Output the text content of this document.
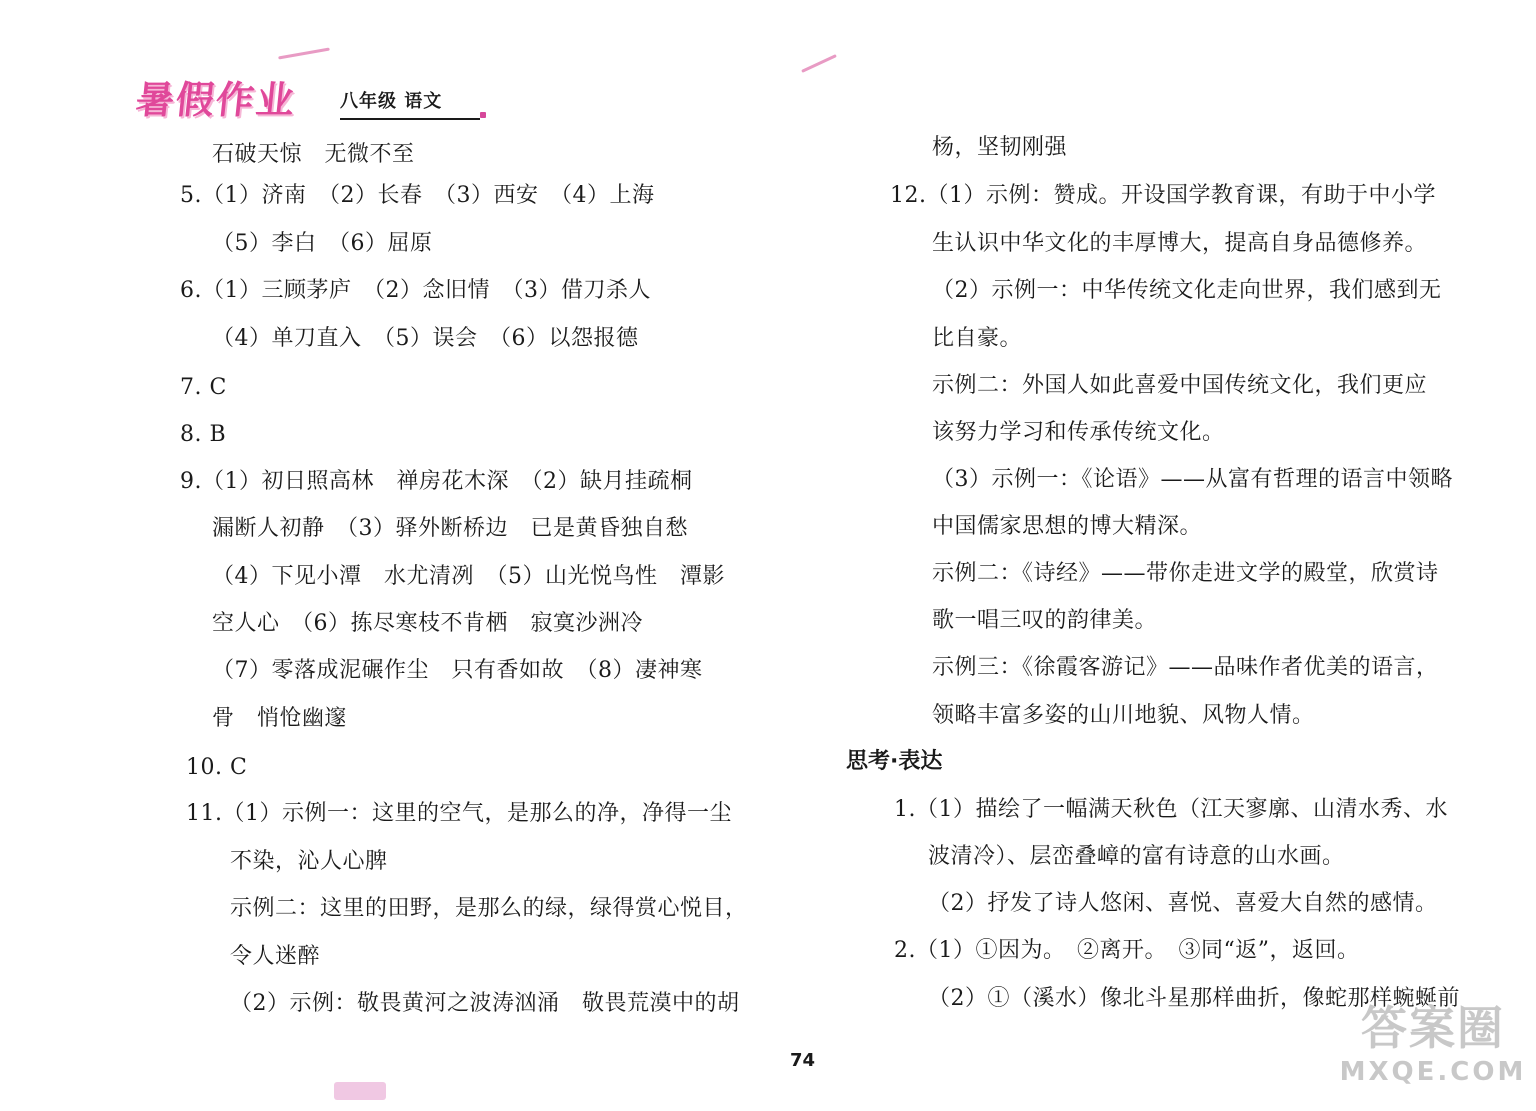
暑假作业 八年级 语文
石破天惊　无微不至
5.（1）济南　（2）长春　（3）西安　（4）上海
（5）李白　（6）屈原
6.（1）三顾茅庐　（2）念旧情　（3）借刀杀人
（4）单刀直入　（5）误会　（6）以怨报德
7. C
8. B
9.（1）初日照高林　禅房花木深　（2）缺月挂疏桐
漏断人初静　（3）驿外断桥边　已是黄昏独自愁
（4）下见小潭　水尤清冽　（5）山光悦鸟性　潭影
空人心　（6）拣尽寒枝不肯栖　寂寞沙洲冷
（7）零落成泥碾作尘　只有香如故　（8）凄神寒
骨　悄怆幽邃
10. C
11.（1）示例一：这里的空气，是那么的净，净得一尘
不染，沁人心脾
示例二：这里的田野，是那么的绿，绿得赏心悦目，
令人迷醉
（2）示例：敬畏黄河之波涛汹涌　敬畏荒漠中的胡
杨，坚韧刚强
12.（1）示例：赞成。开设国学教育课，有助于中小学
生认识中华文化的丰厚博大，提高自身品德修养。
（2）示例一：中华传统文化走向世界，我们感到无
比自豪。
示例二：外国人如此喜爱中国传统文化，我们更应
该努力学习和传承传统文化。
（3）示例一：《论语》——从富有哲理的语言中领略
中国儒家思想的博大精深。
示例二：《诗经》——带你走进文学的殿堂，欣赏诗
歌一唱三叹的韵律美。
示例三：《徐霞客游记》——品味作者优美的语言，
领略丰富多姿的山川地貌、风物人情。
思考·表达
1.（1）描绘了一幅满天秋色（江天寥廓、山清水秀、水
波清冷）、层峦叠嶂的富有诗意的山水画。
（2）抒发了诗人悠闲、喜悦、喜爱大自然的感情。
2.（1）①因为。　②离开。　③同“返”，返回。
（2）①（溪水）像北斗星那样曲折，像蛇那样蜿蜒前
74
答案圈
MXQE.COM
